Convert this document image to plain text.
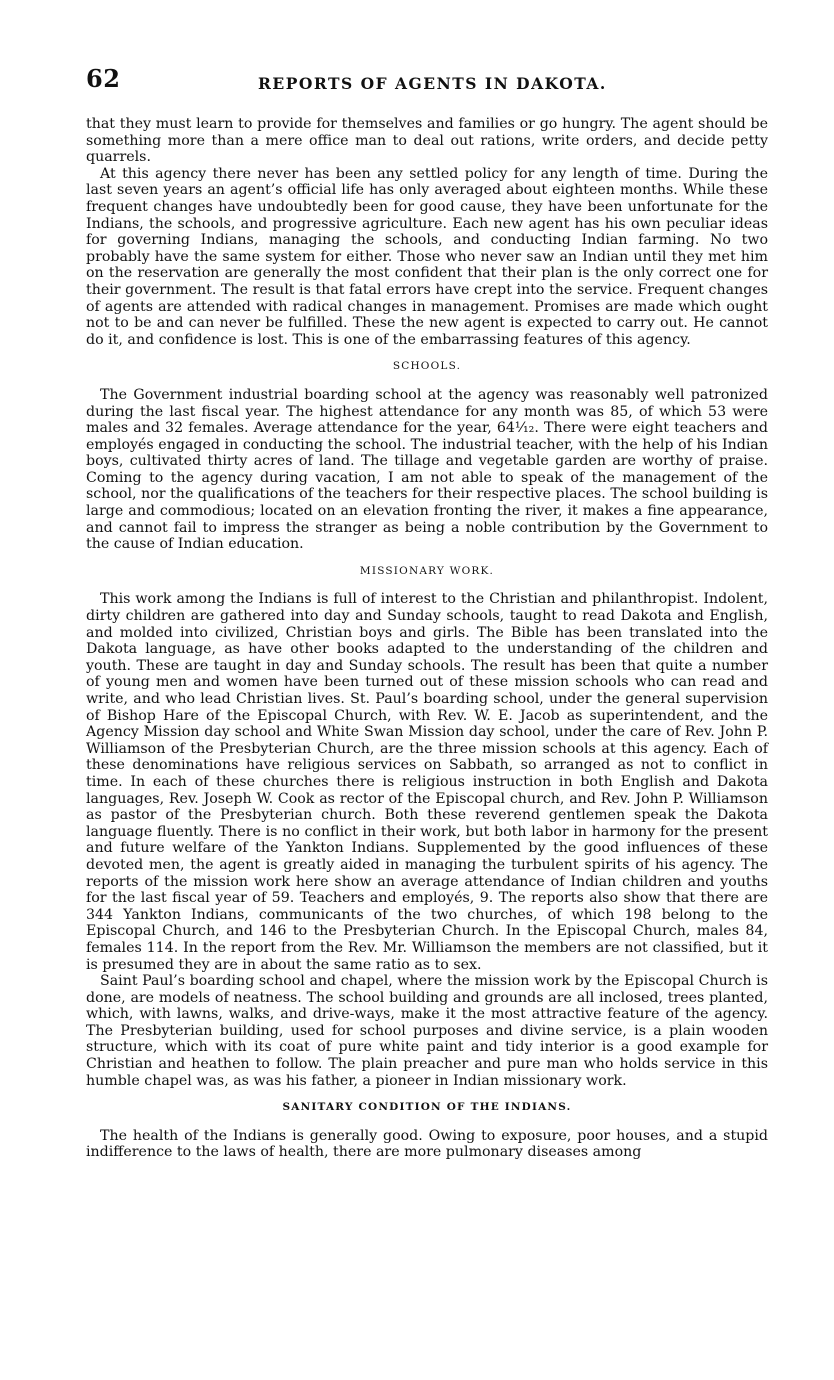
62	REPORTS OF AGENTS IN DAKOTA.

that they must learn to provide for themselves and families or go hungry. The agent should be something more than a mere office man to deal out rations, write orders, and decide petty quarrels.

At this agency there never has been any settled policy for any length of time. During the last seven years an agent’s official life has only averaged about eighteen months. While these frequent changes have undoubtedly been for good cause, they have been unfortunate for the Indians, the schools, and progressive agriculture. Each new agent has his own peculiar ideas for governing Indians, managing the schools, and conducting Indian farming. No two probably have the same system for either. Those who never saw an Indian until they met him on the reservation are generally the most confident that their plan is the only correct one for their government. The result is that fatal errors have crept into the service. Frequent changes of agents are attended with radical changes in management. Promises are made which ought not to be and can never be fulfilled. These the new agent is expected to carry out. He cannot do it, and confidence is lost. This is one of the embarrassing features of this agency.

SCHOOLS.

The Government industrial boarding school at the agency was reasonably well patronized during the last fiscal year. The highest attendance for any month was 85, of which 53 were males and 32 females. Average attendance for the year, 64¹⁄₁₂. There were eight teachers and employés engaged in conducting the school. The industrial teacher, with the help of his Indian boys, cultivated thirty acres of land. The tillage and vegetable garden are worthy of praise. Coming to the agency during vacation, I am not able to speak of the management of the school, nor the qualifications of the teachers for their respective places. The school building is large and commodious; located on an elevation fronting the river, it makes a fine appearance, and cannot fail to impress the stranger as being a noble contribution by the Government to the cause of Indian education.

MISSIONARY WORK.

This work among the Indians is full of interest to the Christian and philanthropist. Indolent, dirty children are gathered into day and Sunday schools, taught to read Dakota and English, and molded into civilized, Christian boys and girls. The Bible has been translated into the Dakota language, as have other books adapted to the understanding of the children and youth. These are taught in day and Sunday schools. The result has been that quite a number of young men and women have been turned out of these mission schools who can read and write, and who lead Christian lives. St. Paul’s boarding school, under the general supervision of Bishop Hare of the Episcopal Church, with Rev. W. E. Jacob as superintendent, and the Agency Mission day school and White Swan Mission day school, under the care of Rev. John P. Williamson of the Presbyterian Church, are the three mission schools at this agency. Each of these denominations have religious services on Sabbath, so arranged as not to conflict in time. In each of these churches there is religious instruction in both English and Dakota languages, Rev. Joseph W. Cook as rector of the Episcopal church, and Rev. John P. Williamson as pastor of the Presbyterian church. Both these reverend gentlemen speak the Dakota language fluently. There is no conflict in their work, but both labor in harmony for the present and future welfare of the Yankton Indians. Supplemented by the good influences of these devoted men, the agent is greatly aided in managing the turbulent spirits of his agency. The reports of the mission work here show an average attendance of Indian children and youths for the last fiscal year of 59. Teachers and employés, 9. The reports also show that there are 344 Yankton Indians, communicants of the two churches, of which 198 belong to the Episcopal Church, and 146 to the Presbyterian Church. In the Episcopal Church, males 84, females 114. In the report from the Rev. Mr. Williamson the members are not classified, but it is presumed they are in about the same ratio as to sex.

Saint Paul’s boarding school and chapel, where the mission work by the Episcopal Church is done, are models of neatness. The school building and grounds are all inclosed, trees planted, which, with lawns, walks, and drive-ways, make it the most attractive feature of the agency. The Presbyterian building, used for school purposes and divine service, is a plain wooden structure, which with its coat of pure white paint and tidy interior is a good example for Christian and heathen to follow. The plain preacher and pure man who holds service in this humble chapel was, as was his father, a pioneer in Indian missionary work.

SANITARY CONDITION OF THE INDIANS.

The health of the Indians is generally good. Owing to exposure, poor houses, and a stupid indifference to the laws of health, there are more pulmonary diseases among
